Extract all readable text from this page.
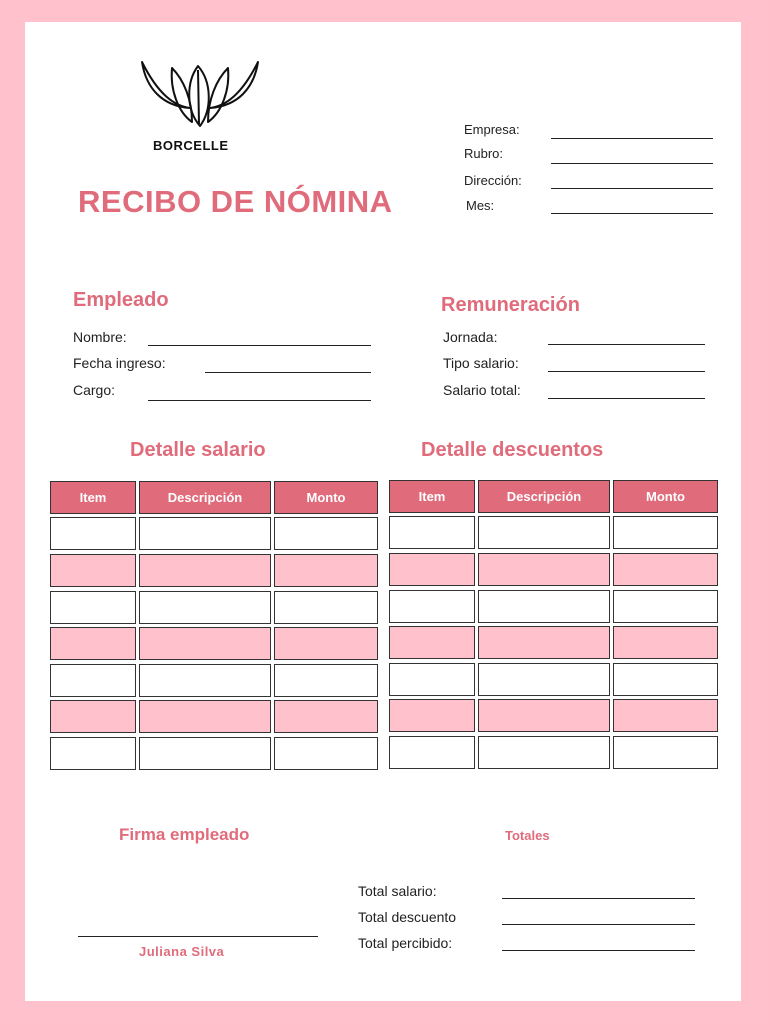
BORCELLE
RECIBO DE NÓMINA
Empresa:
Rubro:
Dirección:
Mes:
Empleado
Nombre:
Fecha ingreso:
Cargo:
Remuneración
Jornada:
Tipo salario:
Salario total:
Detalle salario	Detalle descuentos
Item	Descripción	Monto	Item	Descripción	Monto
Firma empleado
Juliana Silva
Totales
Total salario:
Total descuento
Total percibido:
